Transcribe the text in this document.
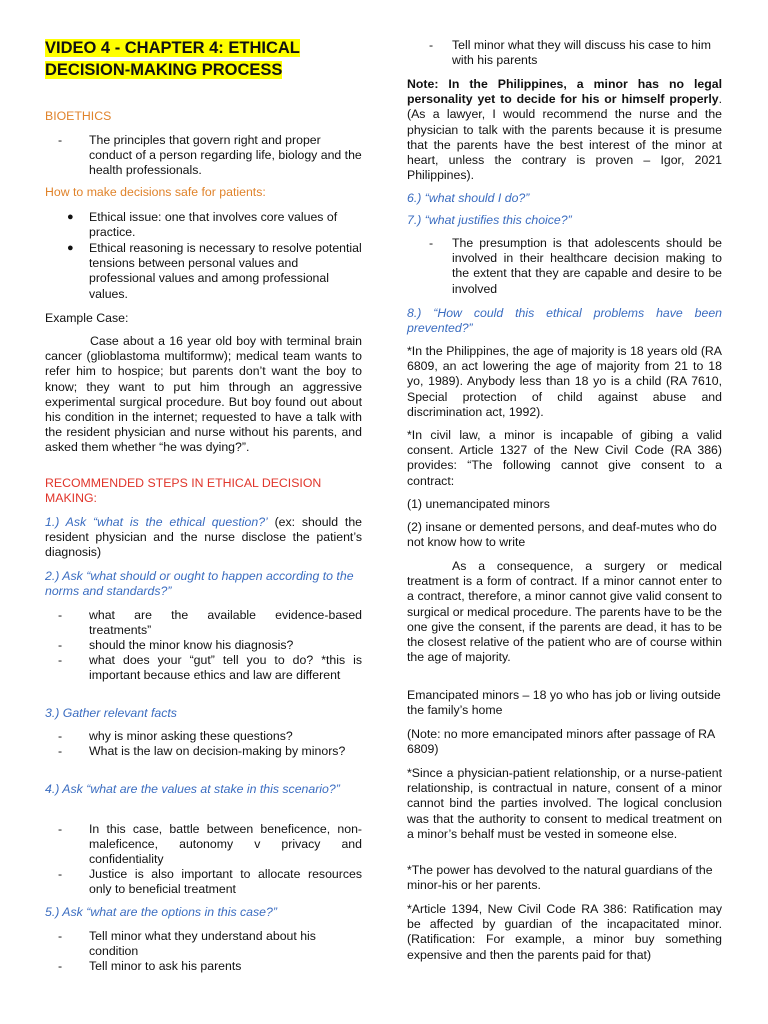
VIDEO 4 - CHAPTER 4: ETHICAL
DECISION-MAKING PROCESS

BIOETHICS

-	The principles that govern right and proper conduct of a person regarding life, biology and the health professionals.

How to make decisions safe for patients:

●	Ethical issue: one that involves core values of practice.

●	Ethical reasoning is necessary to resolve potential tensions between personal values and professional values and among professional values.

Example Case:

Case about a 16 year old boy with terminal brain cancer (glioblastoma multiformw); medical team wants to refer him to hospice; but parents don’t want the boy to know; they want to put him through an aggressive experimental surgical procedure. But boy found out about his condition in the internet; requested to have a talk with the resident physician and nurse without his parents, and asked them whether “he was dying?”.

RECOMMENDED STEPS IN ETHICAL DECISION MAKING:

1.) Ask “what is the ethical question?’ (ex: should the resident physician and the nurse disclose the patient’s diagnosis)

2.) Ask “what should or ought to happen according to the norms and standards?”

-	what are the available evidence-based treatments”

-	should the minor know his diagnosis?

-	what does your “gut” tell you to do? *this is important because ethics and law are different

3.) Gather relevant facts

-	why is minor asking these questions?

-	What is the law on decision-making by minors?

4.) Ask “what are the values at stake in this scenario?”

-	In this case, battle between beneficence, non-maleficence, autonomy v privacy and confidentiality

-	Justice is also important to allocate resources only to beneficial treatment

5.) Ask “what are the options in this case?”

-	Tell minor what they understand about his condition

-	Tell minor to ask his parents

-	Tell minor what they will discuss his case to him with his parents

Note: In the Philippines, a minor has no legal personality yet to decide for his or himself properly. (As a lawyer, I would recommend the nurse and the physician to talk with the parents because it is presume that the parents have the best interest of the minor at heart, unless the contrary is proven – Igor, 2021 Philippines).

6.) “what should I do?”

7.) “what justifies this choice?”

-	The presumption is that adolescents should be involved in their healthcare decision making to the extent that they are capable and desire to be involved

8.) “How could this ethical problems have been prevented?”

*In the Philippines, the age of majority is 18 years old (RA 6809, an act lowering the age of majority from 21 to 18 yo, 1989). Anybody less than 18 yo is a child (RA 7610, Special protection of child against abuse and discrimination act, 1992).

*In civil law, a minor is incapable of gibing a valid consent. Article 1327 of the New Civil Code (RA 386) provides: “The following cannot give consent to a contract:

(1) unemancipated minors

(2) insane or demented persons, and deaf-mutes who do not know how to write

As a consequence, a surgery or medical treatment is a form of contract. If a minor cannot enter to a contract, therefore, a minor cannot give valid consent to surgical or medical procedure. The parents have to be the one give the consent, if the parents are dead, it has to be the closest relative of the patient who are of course within the age of majority.

Emancipated minors – 18 yo who has job or living outside the family’s home

(Note: no more emancipated minors after passage of RA 6809)

*Since a physician-patient relationship, or a nurse-patient relationship, is contractual in nature, consent of a minor cannot bind the parties involved. The logical conclusion was that the authority to consent to medical treatment on a minor’s behalf must be vested in someone else.

*The power has devolved to the natural guardians of the minor-his or her parents.

*Article 1394, New Civil Code RA 386: Ratification may be affected by guardian of the incapacitated minor. (Ratification: For example, a minor buy something expensive and then the parents paid for that)
